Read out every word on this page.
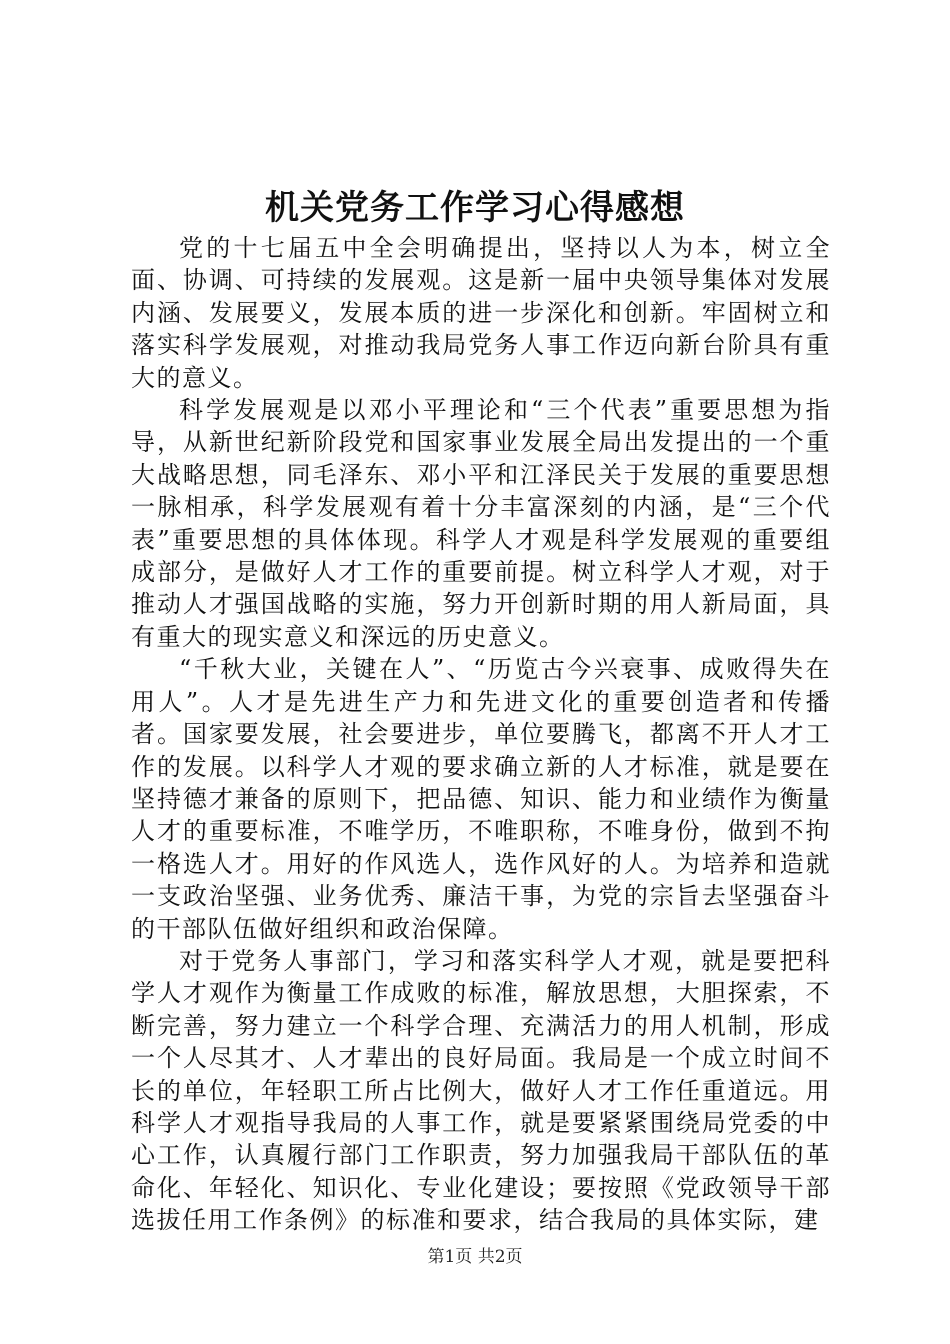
机关党务工作学习心得感想

党的十七届五中全会明确提出，坚持以人为本，树立全面、协调、可持续的发展观。这是新一届中央领导集体对发展内涵、发展要义，发展本质的进一步深化和创新。牢固树立和落实科学发展观，对推动我局党务人事工作迈向新台阶具有重大的意义。

科学发展观是以邓小平理论和“三个代表”重要思想为指导，从新世纪新阶段党和国家事业发展全局出发提出的一个重大战略思想，同毛泽东、邓小平和江泽民关于发展的重要思想一脉相承，科学发展观有着十分丰富深刻的内涵，是“三个代表”重要思想的具体体现。科学人才观是科学发展观的重要组成部分，是做好人才工作的重要前提。树立科学人才观，对于推动人才强国战略的实施，努力开创新时期的用人新局面，具有重大的现实意义和深远的历史意义。

“千秋大业，关键在人”、“历览古今兴衰事、成败得失在用人”。人才是先进生产力和先进文化的重要创造者和传播者。国家要发展，社会要进步，单位要腾飞，都离不开人才工作的发展。以科学人才观的要求确立新的人才标准，就是要在坚持德才兼备的原则下，把品德、知识、能力和业绩作为衡量人才的重要标准，不唯学历，不唯职称，不唯身份，做到不拘一格选人才。用好的作风选人，选作风好的人。为培养和造就一支政治坚强、业务优秀、廉洁干事，为党的宗旨去坚强奋斗的干部队伍做好组织和政治保障。

对于党务人事部门，学习和落实科学人才观，就是要把科学人才观作为衡量工作成败的标准，解放思想，大胆探索，不断完善，努力建立一个科学合理、充满活力的用人机制，形成一个人尽其才、人才辈出的良好局面。我局是一个成立时间不长的单位，年轻职工所占比例大，做好人才工作任重道远。用科学人才观指导我局的人事工作，就是要紧紧围绕局党委的中心工作，认真履行部门工作职责，努力加强我局干部队伍的革命化、年轻化、知识化、专业化建设；要按照《党政领导干部选拔任用工作条例》的标准和要求，结合我局的具体实际，建

第1页 共2页
